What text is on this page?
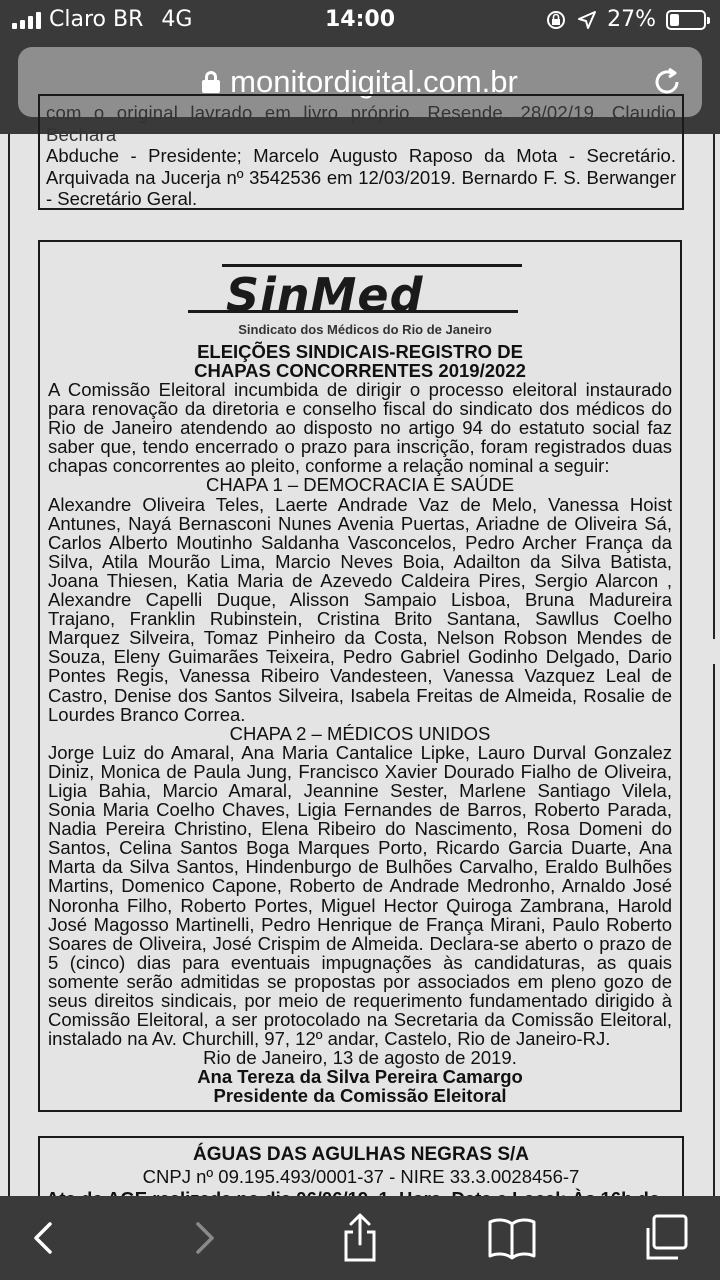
Claro BR 4G	14:00	27%
monitordigital.com.br
com o original lavrado em livro próprio. Resende, 28/02/19. Claudio Bechara
Abduche - Presidente; Marcelo Augusto Raposo da Mota - Secretário.
Arquivada na Jucerja nº 3542536 em 12/03/2019. Bernardo F. S. Berwanger
- Secretário Geral.
SinMed
Sindicato dos Médicos do Rio de Janeiro
ELEIÇÕES SINDICAIS-REGISTRO DE
CHAPAS CONCORRENTES 2019/2022

A Comissão Eleitoral incumbida de dirigir o processo eleitoral instaurado para renovação da diretoria e conselho fiscal do sindicato dos médicos do Rio de Janeiro atendendo ao disposto no artigo 94 do estatuto social faz saber que, tendo encerrado o prazo para inscrição, foram registrados duas chapas concorrentes ao pleito, conforme a relação nominal a seguir:

CHAPA 1 – DEMOCRACIA E SAÚDE

Alexandre Oliveira Teles, Laerte Andrade Vaz de Melo, Vanessa Hoist Antunes, Nayá Bernasconi Nunes Avenia Puertas, Ariadne de Oliveira Sá, Carlos Alberto Moutinho Saldanha Vasconcelos, Pedro Archer França da Silva, Atila Mourão Lima, Marcio Neves Boia, Adailton da Silva Batista, Joana Thiesen, Katia Maria de Azevedo Caldeira Pires, Sergio Alarcon , Alexandre Capelli Duque, Alisson Sampaio Lisboa, Bruna Madureira Trajano, Franklin Rubinstein, Cristina Brito Santana, Sawllus Coelho Marquez Silveira, Tomaz Pinheiro da Costa, Nelson Robson Mendes de Souza, Eleny Guimarães Teixeira, Pedro Gabriel Godinho Delgado, Dario Pontes Regis, Vanessa Ribeiro Vandesteen, Vanessa Vazquez Leal de Castro, Denise dos Santos Silveira, Isabela Freitas de Almeida, Rosalie de Lourdes Branco Correa.

CHAPA 2 – MÉDICOS UNIDOS

Jorge Luiz do Amaral, Ana Maria Cantalice Lipke, Lauro Durval Gonzalez Diniz, Monica de Paula Jung, Francisco Xavier Dourado Fialho de Oliveira, Ligia Bahia, Marcio Amaral, Jeannine Sester, Marlene Santiago Vilela, Sonia Maria Coelho Chaves, Ligia Fernandes de Barros, Roberto Parada, Nadia Pereira Christino, Elena Ribeiro do Nascimento, Rosa Domeni do Santos, Celina Santos Boga Marques Porto, Ricardo Garcia Duarte, Ana Marta da Silva Santos, Hindenburgo de Bulhões Carvalho, Eraldo Bulhões Martins, Domenico Capone, Roberto de Andrade Medronho, Arnaldo José Noronha Filho, Roberto Portes, Miguel Hector Quiroga Zambrana, Harold José Magosso Martinelli, Pedro Henrique de França Mirani, Paulo Roberto Soares de Oliveira, José Crispim de Almeida. Declara-se aberto o prazo de 5 (cinco) dias para eventuais impugnações às candidaturas, as quais somente serão admitidas se propostas por associados em pleno gozo de seus direitos sindicais, por meio de requerimento fundamentado dirigido à Comissão Eleitoral, a ser protocolado na Secretaria da Comissão Eleitoral, instalado na Av. Churchill, 97, 12º andar, Castelo, Rio de Janeiro-RJ.

Rio de Janeiro, 13 de agosto de 2019.
Ana Tereza da Silva Pereira Camargo
Presidente da Comissão Eleitoral
ÁGUAS DAS AGULHAS NEGRAS S/A
CNPJ nº 09.195.493/0001-37 - NIRE 33.3.0028456-7
